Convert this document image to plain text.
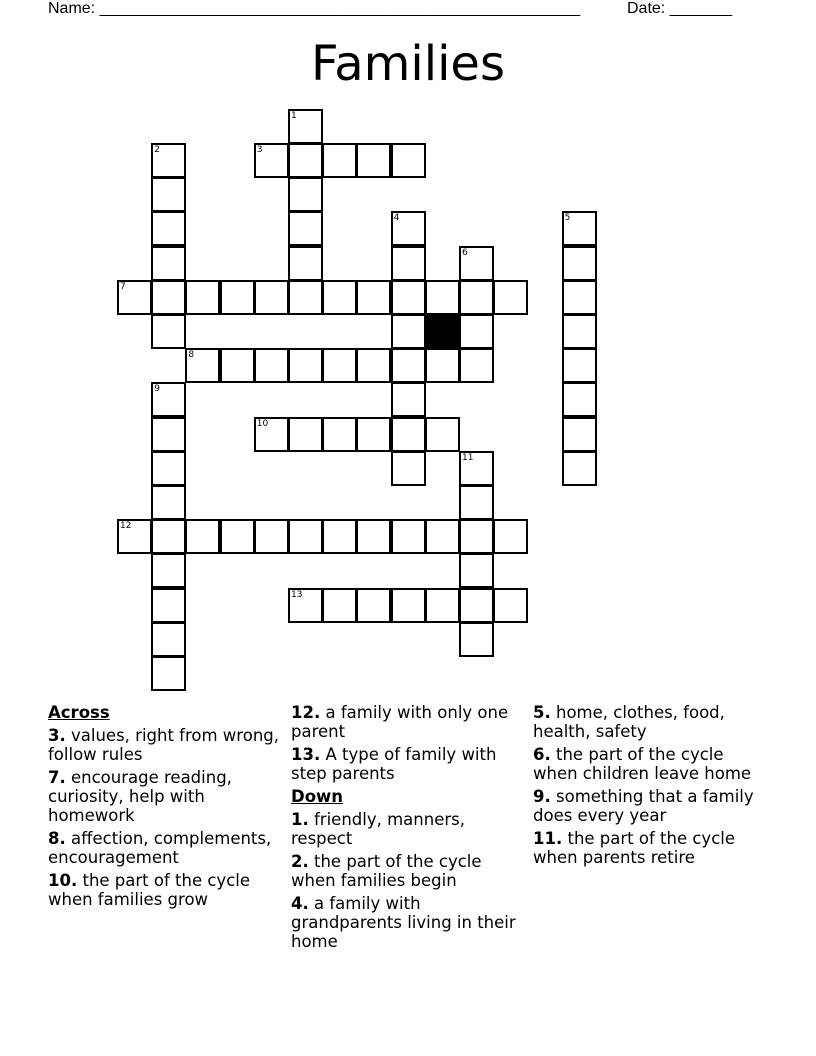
Name: ______________________________________________________	Date: _______
Families
1
2	3
4	5
6
7
8
9
10
11
12
13
Across
3. values, right from wrong, follow rules
7. encourage reading, curiosity, help with homework
8. affection, complements, encouragement
10. the part of the cycle when families grow
12. a family with only one parent
13. A type of family with step parents
Down
1. friendly, manners, respect
2. the part of the cycle when families begin
4. a family with grandparents living in their home
5. home, clothes, food, health, safety
6. the part of the cycle when children leave home
9. something that a family does every year
11. the part of the cycle when parents retire
